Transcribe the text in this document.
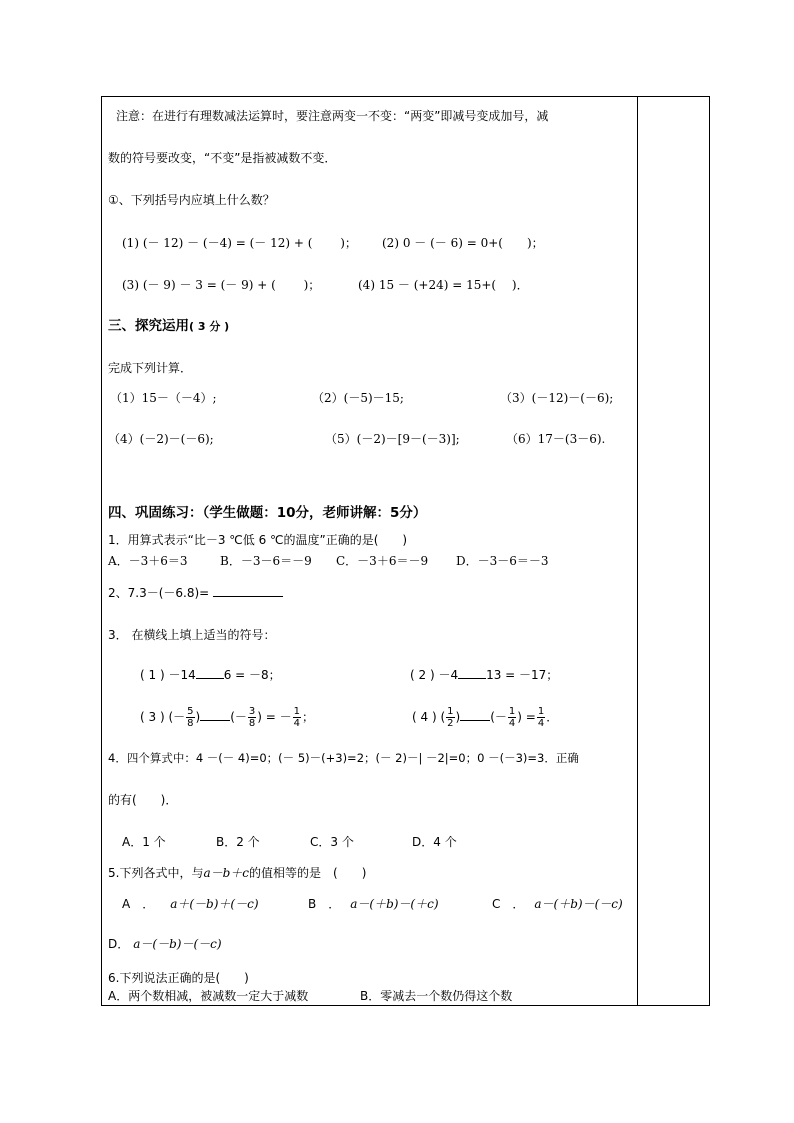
注意：在进行有理数减法运算时，要注意两变一不变：“两变”即减号变成加号，减
数的符号要改变，“不变”是指被减数不变．
①、下列括号内应填上什么数？
(1) (－ 12) － (－4) = (－ 12) + (　　 )； (2) 0 － (－ 6) = 0+(　　)；
(3) (－ 9) － 3 = (－ 9) + (　　 )；	(4) 15 － (+24) = 15+(　 )．
三、探究运用( 3 分 )
完成下列计算．
（1）15－（－4）;	（2）(－5)－15;	（3）(－12)－(－6);
（4）(－2)－(－6);	（5）(－2)－[9－(－3)];	（6）17－(3－6).
四、巩固练习：（学生做题：10分，老师讲解：5分）
1．用算式表示“比－3 ℃低 6 ℃的温度”正确的是(　　)
A．－3＋6＝3	B．－3－6＝－9 C．－3＋6＝－9 D．－3－6＝－3
2、7.3－(－6.8)=
3． 在横线上填上适当的符号：
( 1 ) －14 6 = －8；	( 2 ) －4 13 = －17；
( 3 ) (－ $\frac{5}{8}$ )	(－ $\frac{3}{8}$ ) = － $\frac{1}{4}$ ；	( 4 ) ( $\frac{1}{2}$ )	(－ $\frac{1}{4}$ ) = $\frac{1}{4}$ ．
4．四个算式中：4 －(－ 4)=0；(－ 5)－(+3)=2；(－ 2)－| －2|=0；0 －(－3)=3．正确
的有(　　)．
A．1 个	B．2 个	C．3 个	D．4 个
5.下列各式中，与a－b＋c的值相等的是　(　　)
A　． a＋(－b)＋(－c)	B　． a－(＋b)－(＋c)	C　． a－(＋b)－(－c)
D． a－(－b)－(－c)
6.下列说法正确的是(　　)
A．两个数相减，被减数一定大于减数	B．零减去一个数仍得这个数
